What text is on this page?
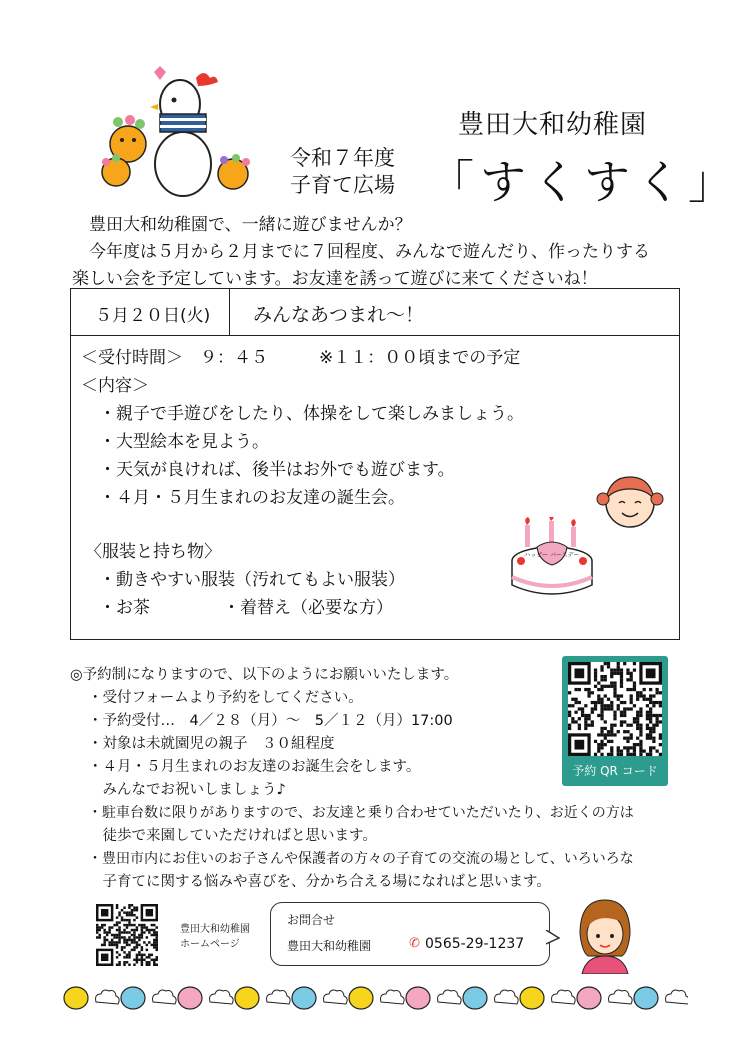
豊田大和幼稚園
令和７年度
子育て広場 「すくすく」

　豊田大和幼稚園で、一緒に遊びませんか？

　今年度は５月から２月までに７回程度、みんなで遊んだり、作ったりする

楽しい会を予定しています。お友達を誘って遊びに来てくださいね！

５月２０日(火) みんなあつまれ～！
＜受付時間＞　９：４５　　　※１１：００頃までの予定
＜内容＞
・親子で手遊びをしたり、体操をして楽しみましょう。
・大型絵本を見よう。
・天気が良ければ、後半はお外でも遊びます。
・４月・５月生まれのお友達の誕生会。
〈服装と持ち物〉
・動きやすい服装（汚れてもよい服装）
・お茶	・着替え（必要な方）
ハッピー バースデー
◎予約制になりますので、以下のようにお願いいたします。
・受付フォームより予約をしてください。
・予約受付…　4／２８（月）～　5／１２（月）17:00
・対象は未就園児の親子　３０組程度
・４月・５月生まれのお友達のお誕生会をします。
　みんなでお祝いしましょう♪
・駐車台数に限りがありますので、お友達と乗り合わせていただいたり、お近くの方は
　徒歩で来園していただければと思います。
・豊田市内にお住いのお子さんや保護者の方々の子育ての交流の場として、いろいろな
　子育てに関する悩みや喜びを、分かち合える場になればと思います。
予約 QR コード
豊田大和幼稚園
ホームページ
お問合せ
豊田大和幼稚園	✆ 0565-29-1237
